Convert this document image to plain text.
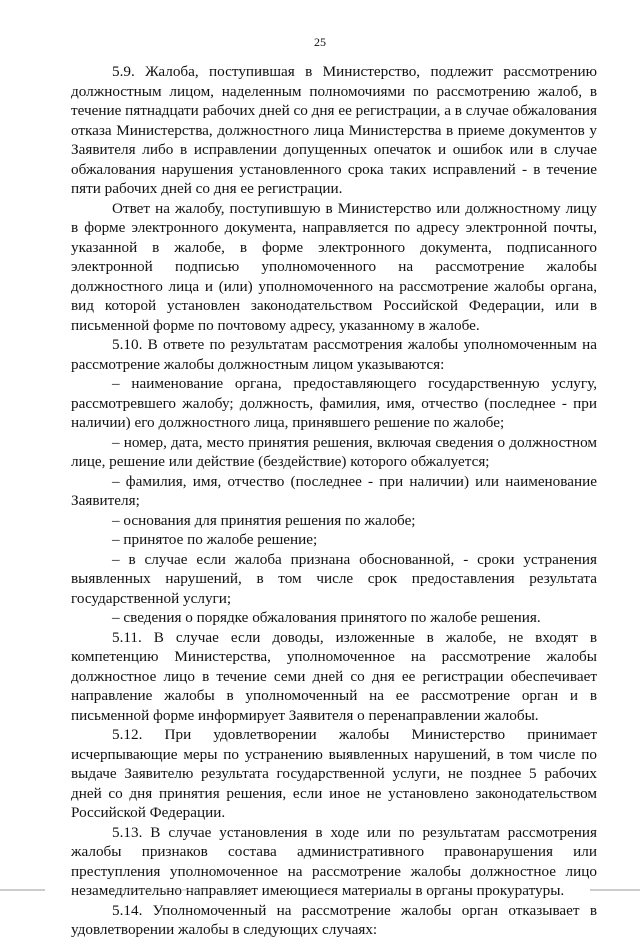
25

5.9. Жалоба, поступившая в Министерство, подлежит рассмотрению должностным лицом, наделенным полномочиями по рассмотрению жалоб, в течение пятнадцати рабочих дней со дня ее регистрации, а в случае обжалования отказа Министерства, должностного лица Министерства в приеме документов у Заявителя либо в исправлении допущенных опечаток и ошибок или в случае обжалования нарушения установленного срока таких исправлений - в течение пяти рабочих дней со дня ее регистрации.

Ответ на жалобу, поступившую в Министерство или должностному лицу в форме электронного документа, направляется по адресу электронной почты, указанной в жалобе, в форме электронного документа, подписанного электронной подписью уполномоченного на рассмотрение жалобы должностного лица и (или) уполномоченного на рассмотрение жалобы органа, вид которой установлен законодательством Российской Федерации, или в письменной форме по почтовому адресу, указанному в жалобе.

5.10. В ответе по результатам рассмотрения жалобы уполномоченным на рассмотрение жалобы должностным лицом указываются:

– наименование органа, предоставляющего государственную услугу, рассмотревшего жалобу; должность, фамилия, имя, отчество (последнее - при наличии) его должностного лица, принявшего решение по жалобе;

– номер, дата, место принятия решения, включая сведения о должностном лице, решение или действие (бездействие) которого обжалуется;

– фамилия, имя, отчество (последнее - при наличии) или наименование Заявителя;

– основания для принятия решения по жалобе;

– принятое по жалобе решение;

– в случае если жалоба признана обоснованной, - сроки устранения выявленных нарушений, в том числе срок предоставления результата государственной услуги;

– сведения о порядке обжалования принятого по жалобе решения.

5.11. В случае если доводы, изложенные в жалобе, не входят в компетенцию Министерства, уполномоченное на рассмотрение жалобы должностное лицо в течение семи дней со дня ее регистрации обеспечивает направление жалобы в уполномоченный на ее рассмотрение орган и в письменной форме информирует Заявителя о перенаправлении жалобы.

5.12. При удовлетворении жалобы Министерство принимает исчерпывающие меры по устранению выявленных нарушений, в том числе по выдаче Заявителю результата государственной услуги, не позднее 5 рабочих дней со дня принятия решения, если иное не установлено законодательством Российской Федерации.

5.13. В случае установления в ходе или по результатам рассмотрения жалобы признаков состава административного правонарушения или преступления уполномоченное на рассмотрение жалобы должностное лицо незамедлительно направляет имеющиеся материалы в органы прокуратуры.

5.14. Уполномоченный на рассмотрение жалобы орган отказывает в удовлетворении жалобы в следующих случаях:
